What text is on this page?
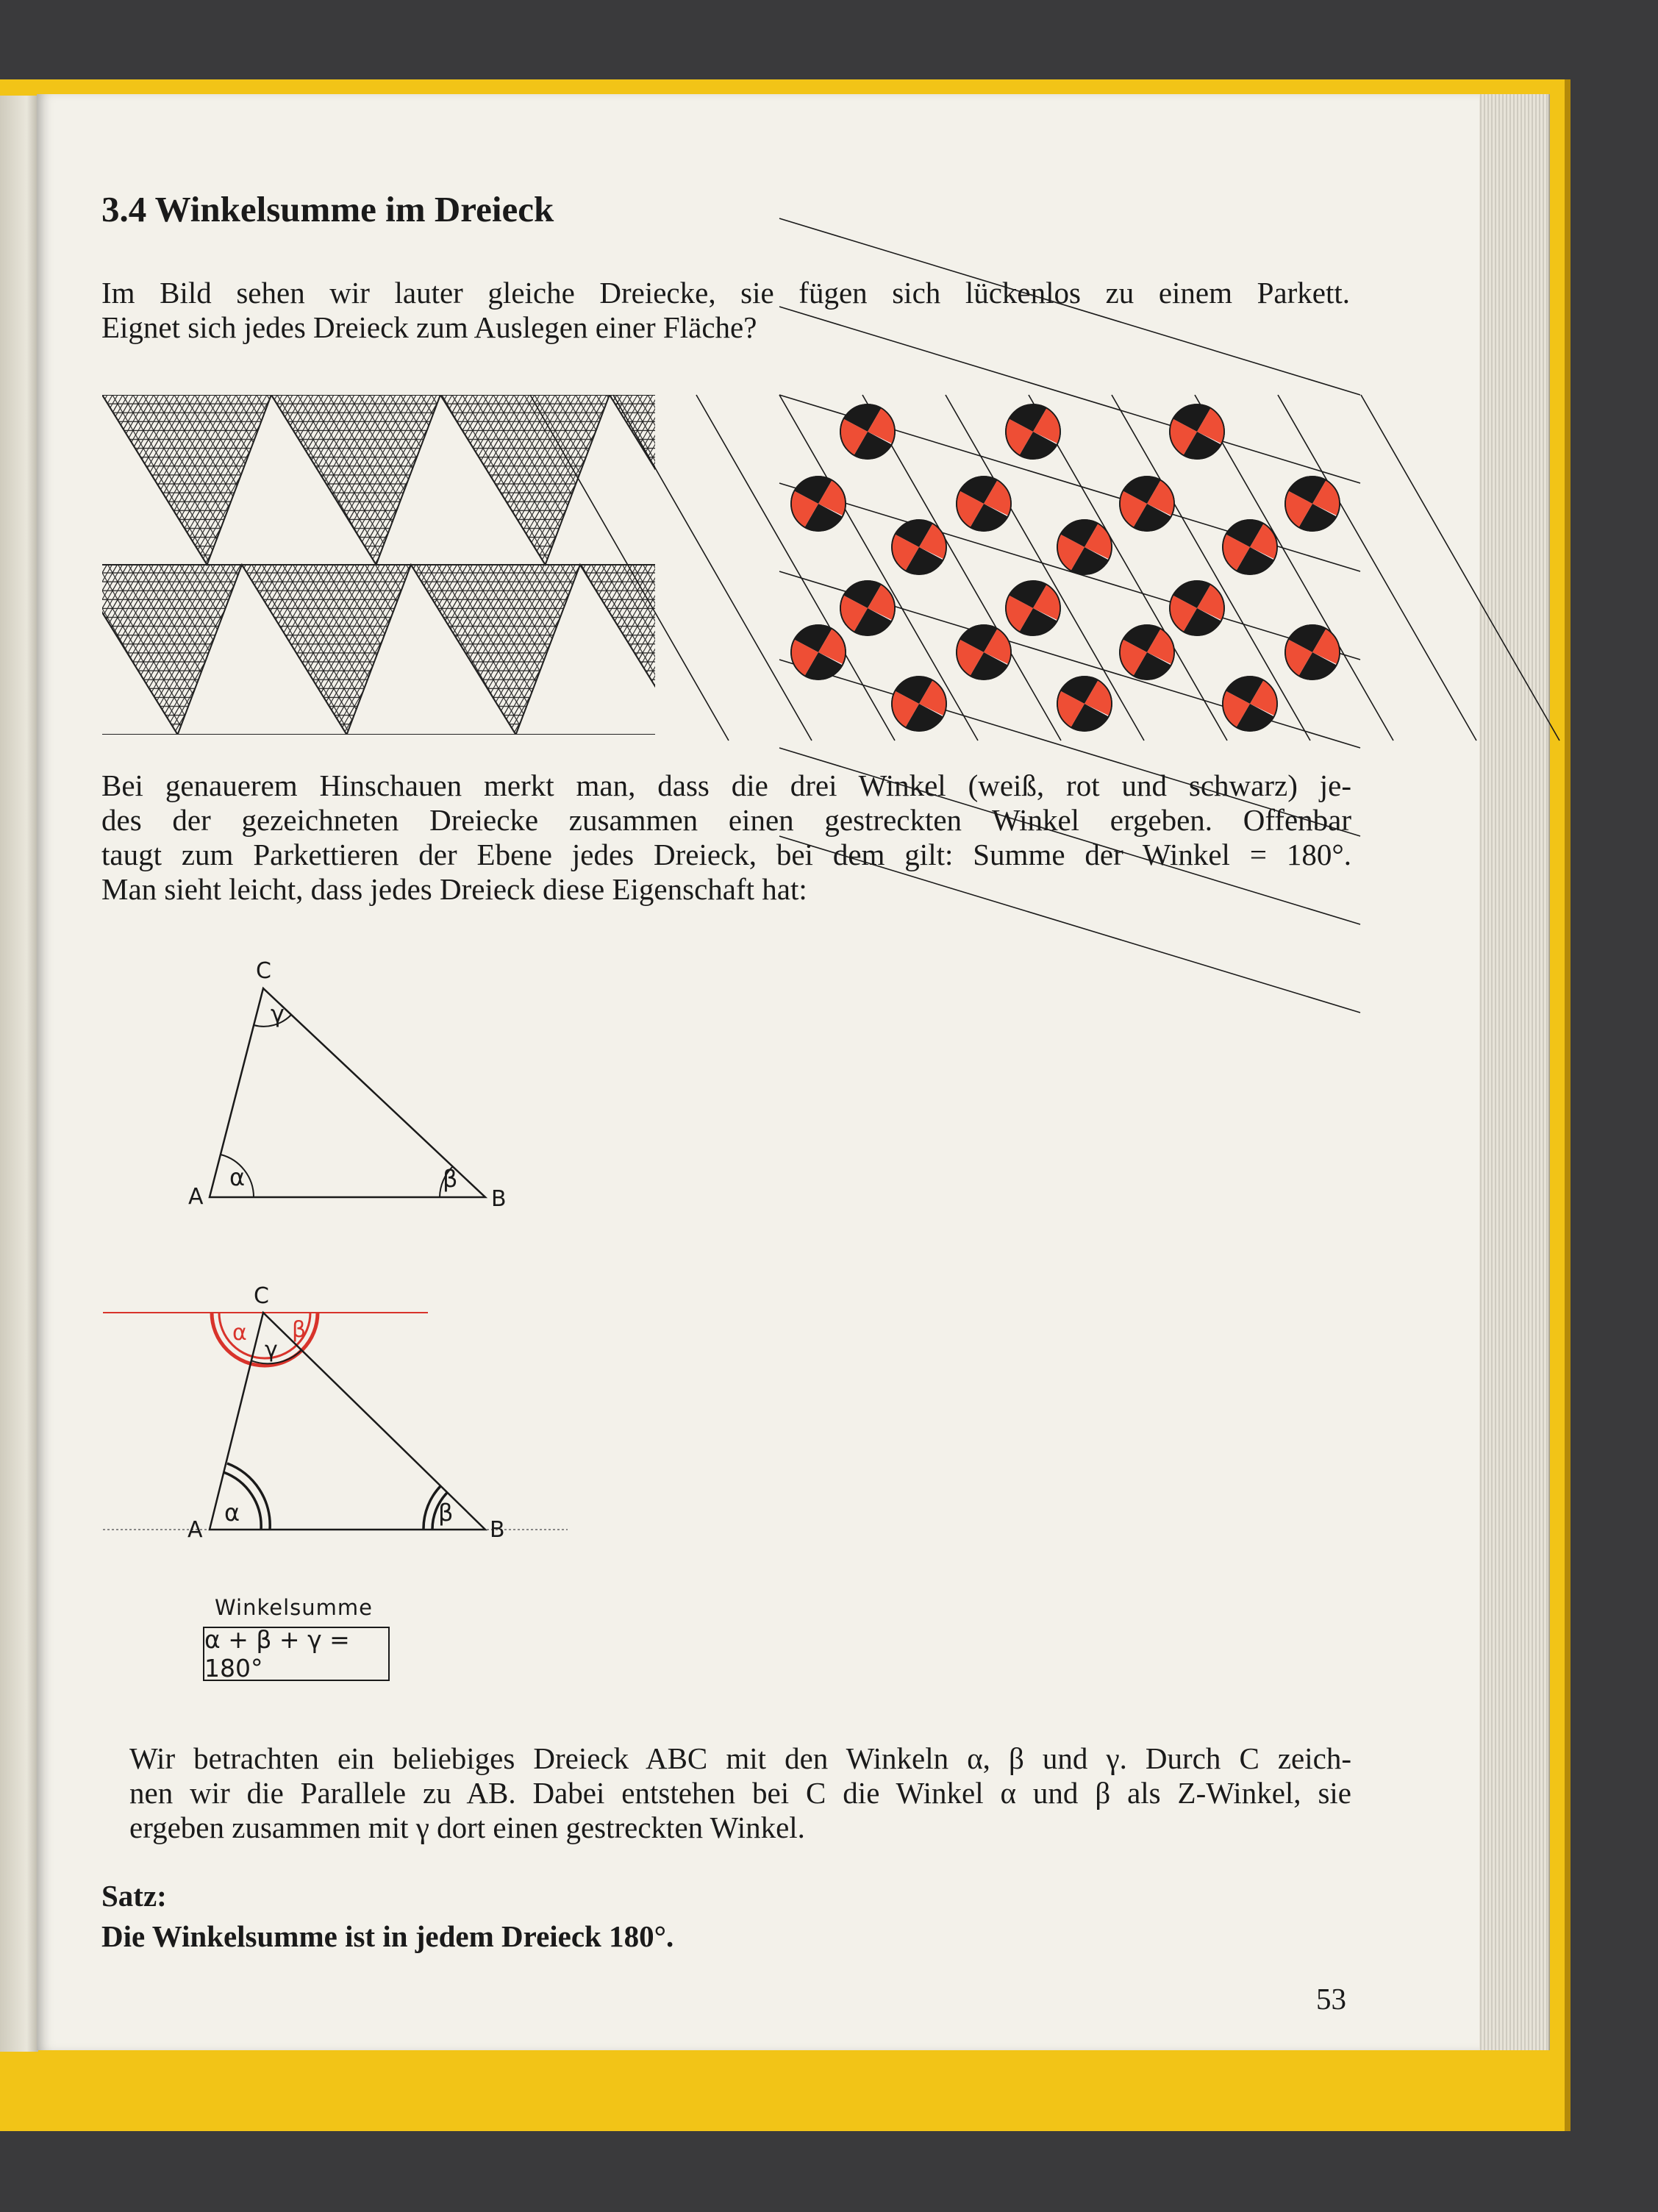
3.4 Winkelsumme im Dreieck
Im Bild sehen wir lauter gleiche Dreiecke, sie fügen sich lückenlos zu einem Parkett.
Eignet sich jedes Dreieck zum Auslegen einer Fläche?
Bei genauerem Hinschauen merkt man, dass die drei Winkel (weiß, rot und schwarz) je-
des der gezeichneten Dreiecke zusammen einen gestreckten Winkel ergeben. Offenbar
taugt zum Parkettieren der Ebene jedes Dreieck, bei dem gilt: Summe der Winkel = 180°.
Man sieht leicht, dass jedes Dreieck diese Eigenschaft hat:
C
A	B
γ
α	β
C
α β
γ
A	B
α	β
Winkelsumme
α + β + γ = 180°
Wir betrachten ein beliebiges Dreieck ABC mit den Winkeln α, β und γ. Durch C zeich-
nen wir die Parallele zu AB. Dabei entstehen bei C die Winkel α und β als Z-Winkel, sie
ergeben zusammen mit γ dort einen gestreckten Winkel.
Satz:
Die Winkelsumme ist in jedem Dreieck 180°.
53
